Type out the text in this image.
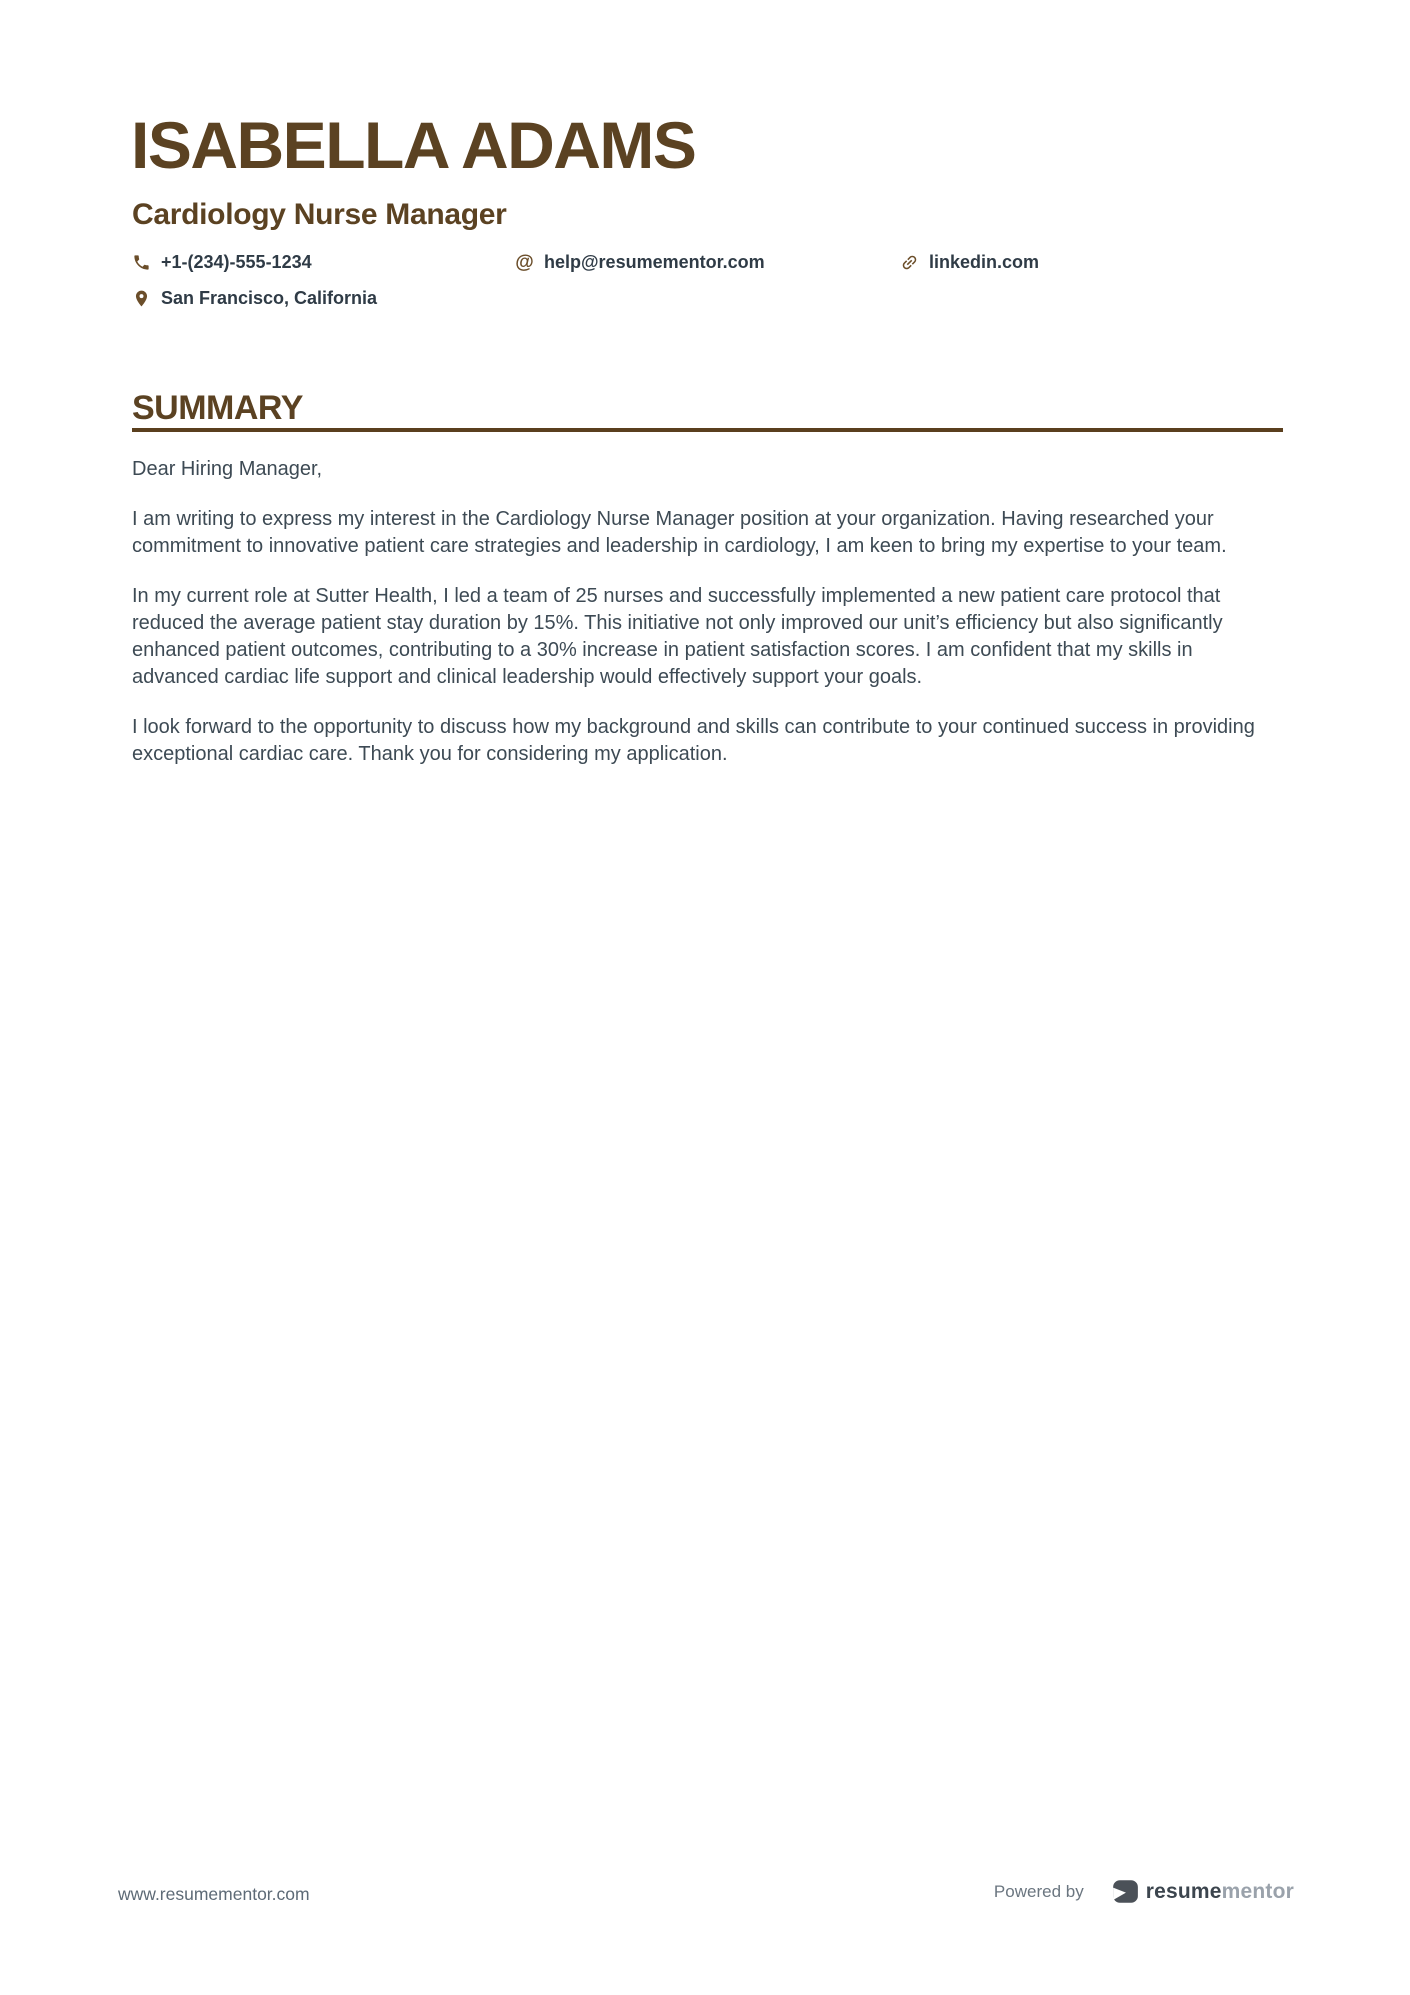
ISABELLA ADAMS
Cardiology Nurse Manager
+1-(234)-555-1234	@ help@resumementor.com	linkedin.com
San Francisco, California
SUMMARY

Dear Hiring Manager,

I am writing to express my interest in the Cardiology Nurse Manager position at your organization. Having researched your commitment to innovative patient care strategies and leadership in cardiology, I am keen to bring my expertise to your team.

In my current role at Sutter Health, I led a team of 25 nurses and successfully implemented a new patient care protocol that reduced the average patient stay duration by 15%. This initiative not only improved our unit’s efficiency but also significantly enhanced patient outcomes, contributing to a 30% increase in patient satisfaction scores. I am confident that my skills in advanced cardiac life support and clinical leadership would effectively support your goals.

I look forward to the opportunity to discuss how my background and skills can contribute to your continued success in providing exceptional cardiac care. Thank you for considering my application.

www.resumementor.com	Powered by	resumementor
